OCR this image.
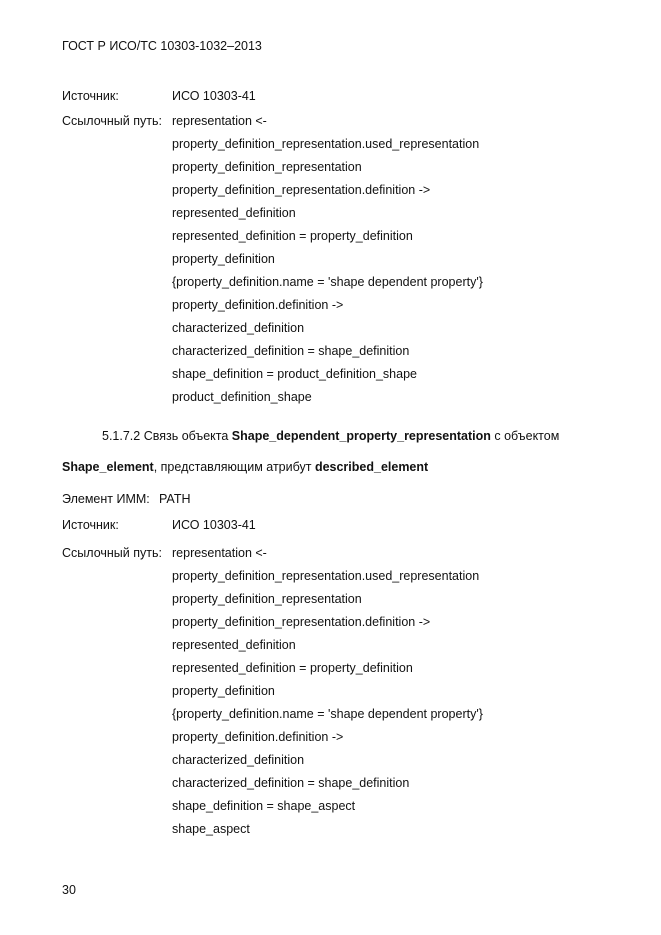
ГОСТ Р ИСО/ТС 10303-1032–2013
Источник:	ИСО 10303-41
Ссылочный путь: representation <-
property_definition_representation.used_representation
property_definition_representation
property_definition_representation.definition ->
represented_definition
represented_definition = property_definition
property_definition
{property_definition.name = 'shape dependent property'}
property_definition.definition ->
characterized_definition
characterized_definition = shape_definition
shape_definition = product_definition_shape
product_definition_shape
5.1.7.2 Связь объекта Shape_dependent_property_representation с объектом
Shape_element, представляющим атрибут described_element
Элемент ИММ: PATH
Источник:	ИСО 10303-41
Ссылочный путь: representation <-
property_definition_representation.used_representation
property_definition_representation
property_definition_representation.definition ->
represented_definition
represented_definition = property_definition
property_definition
{property_definition.name = 'shape dependent property'}
property_definition.definition ->
characterized_definition
characterized_definition = shape_definition
shape_definition = shape_aspect
shape_aspect
30
